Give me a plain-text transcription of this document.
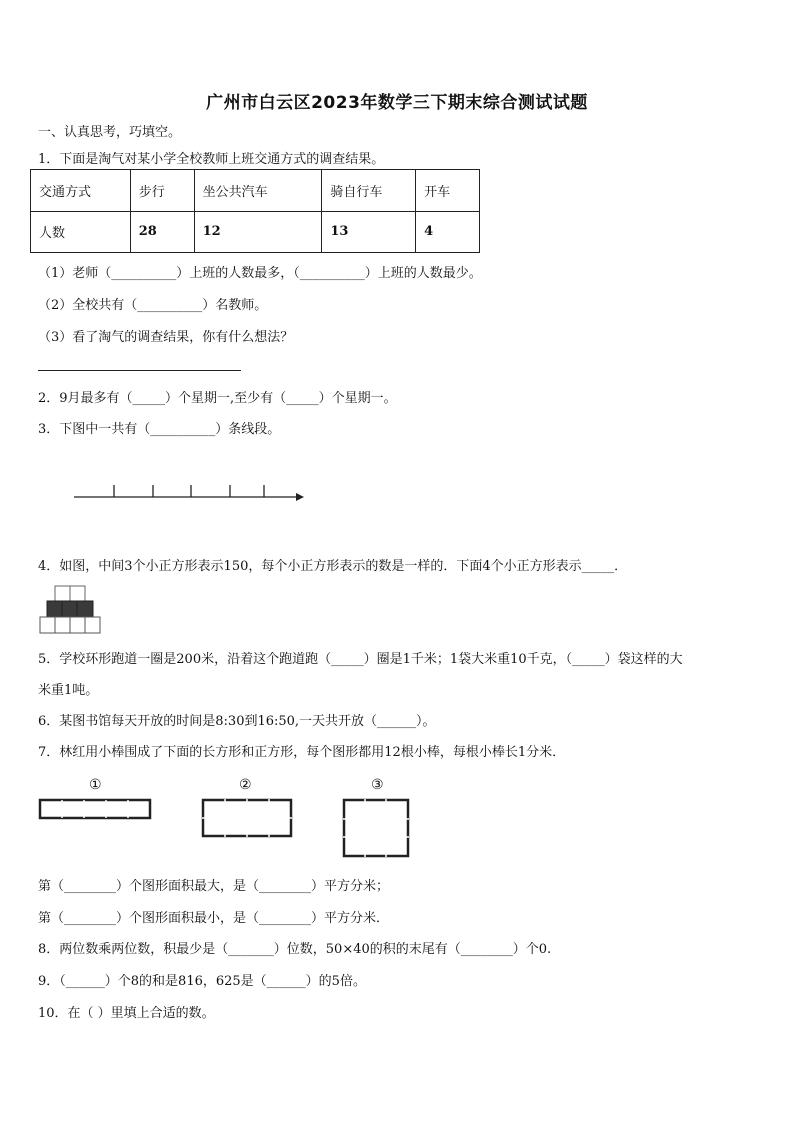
广州市白云区2023年数学三下期末综合测试试题
一、认真思考，巧填空。
1．下面是淘气对某小学全校教师上班交通方式的调查结果。
交通方式	步行	坐公共汽车	骑自行车	开车
人数	28	12	13	4
（1）老师（__________）上班的人数最多，（__________）上班的人数最少。
（2）全校共有（__________）名教师。
（3）看了淘气的调查结果，你有什么想法？
2．9月最多有（_____）个星期一,至少有（_____）个星期一。
3．下图中一共有（__________）条线段。
4．如图，中间3个小正方形表示150，每个小正方形表示的数是一样的．下面4个小正方形表示_____．
5．学校环形跑道一圈是200米，沿着这个跑道跑（_____）圈是1千米；1袋大米重10千克，（_____）袋这样的大
米重1吨。
6．某图书馆每天开放的时间是8:30到16:50,一天共开放（______）。
7．林红用小棒围成了下面的长方形和正方形，每个图形都用12根小棒，每根小棒长1分米．
①	②	③
第（________）个图形面积最大，是（________）平方分米；
第（________）个图形面积最小，是（________）平方分米．
8．两位数乘两位数，积最少是（_______）位数，50×40的积的末尾有（________）个0.
9．（______）个8的和是816，625是（______）的5倍。
10．在（ ）里填上合适的数。
